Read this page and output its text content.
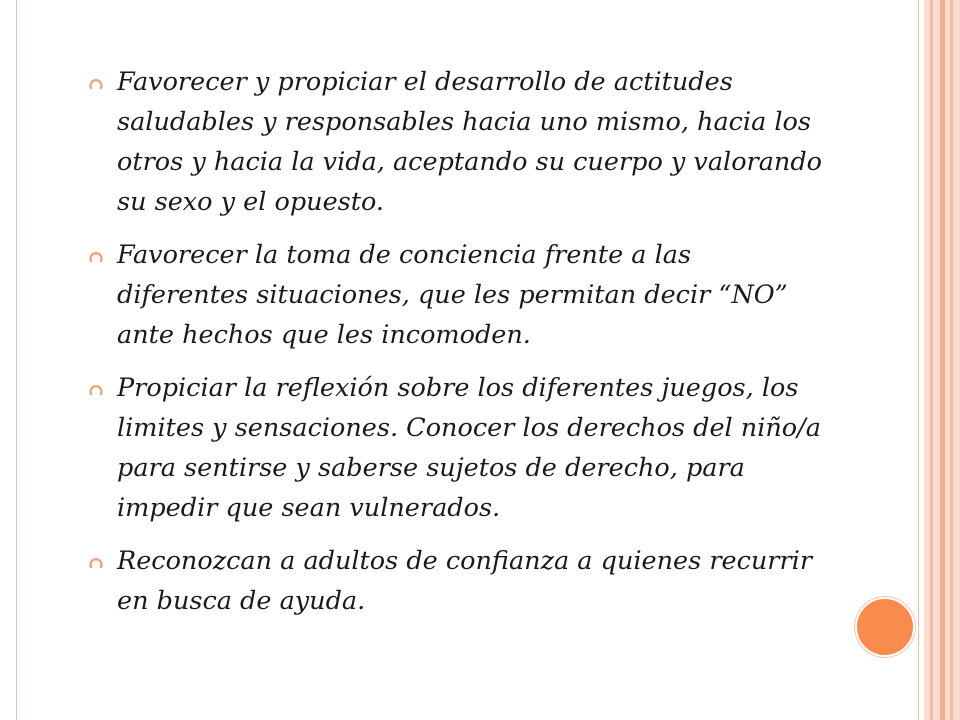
Favorecer y propiciar el desarrollo de actitudes saludables y responsables hacia uno mismo, hacia los otros y hacia la vida, aceptando su cuerpo y valorando su sexo y el opuesto.
Favorecer la toma de conciencia frente a las diferentes situaciones, que les permitan decir “NO” ante hechos que les incomoden.
Propiciar la reflexión sobre los diferentes juegos, los limites y sensaciones. Conocer los derechos del niño/a para sentirse y saberse sujetos de derecho, para impedir que sean vulnerados.
Reconozcan a adultos de confianza a quienes recurrir en busca de ayuda.
